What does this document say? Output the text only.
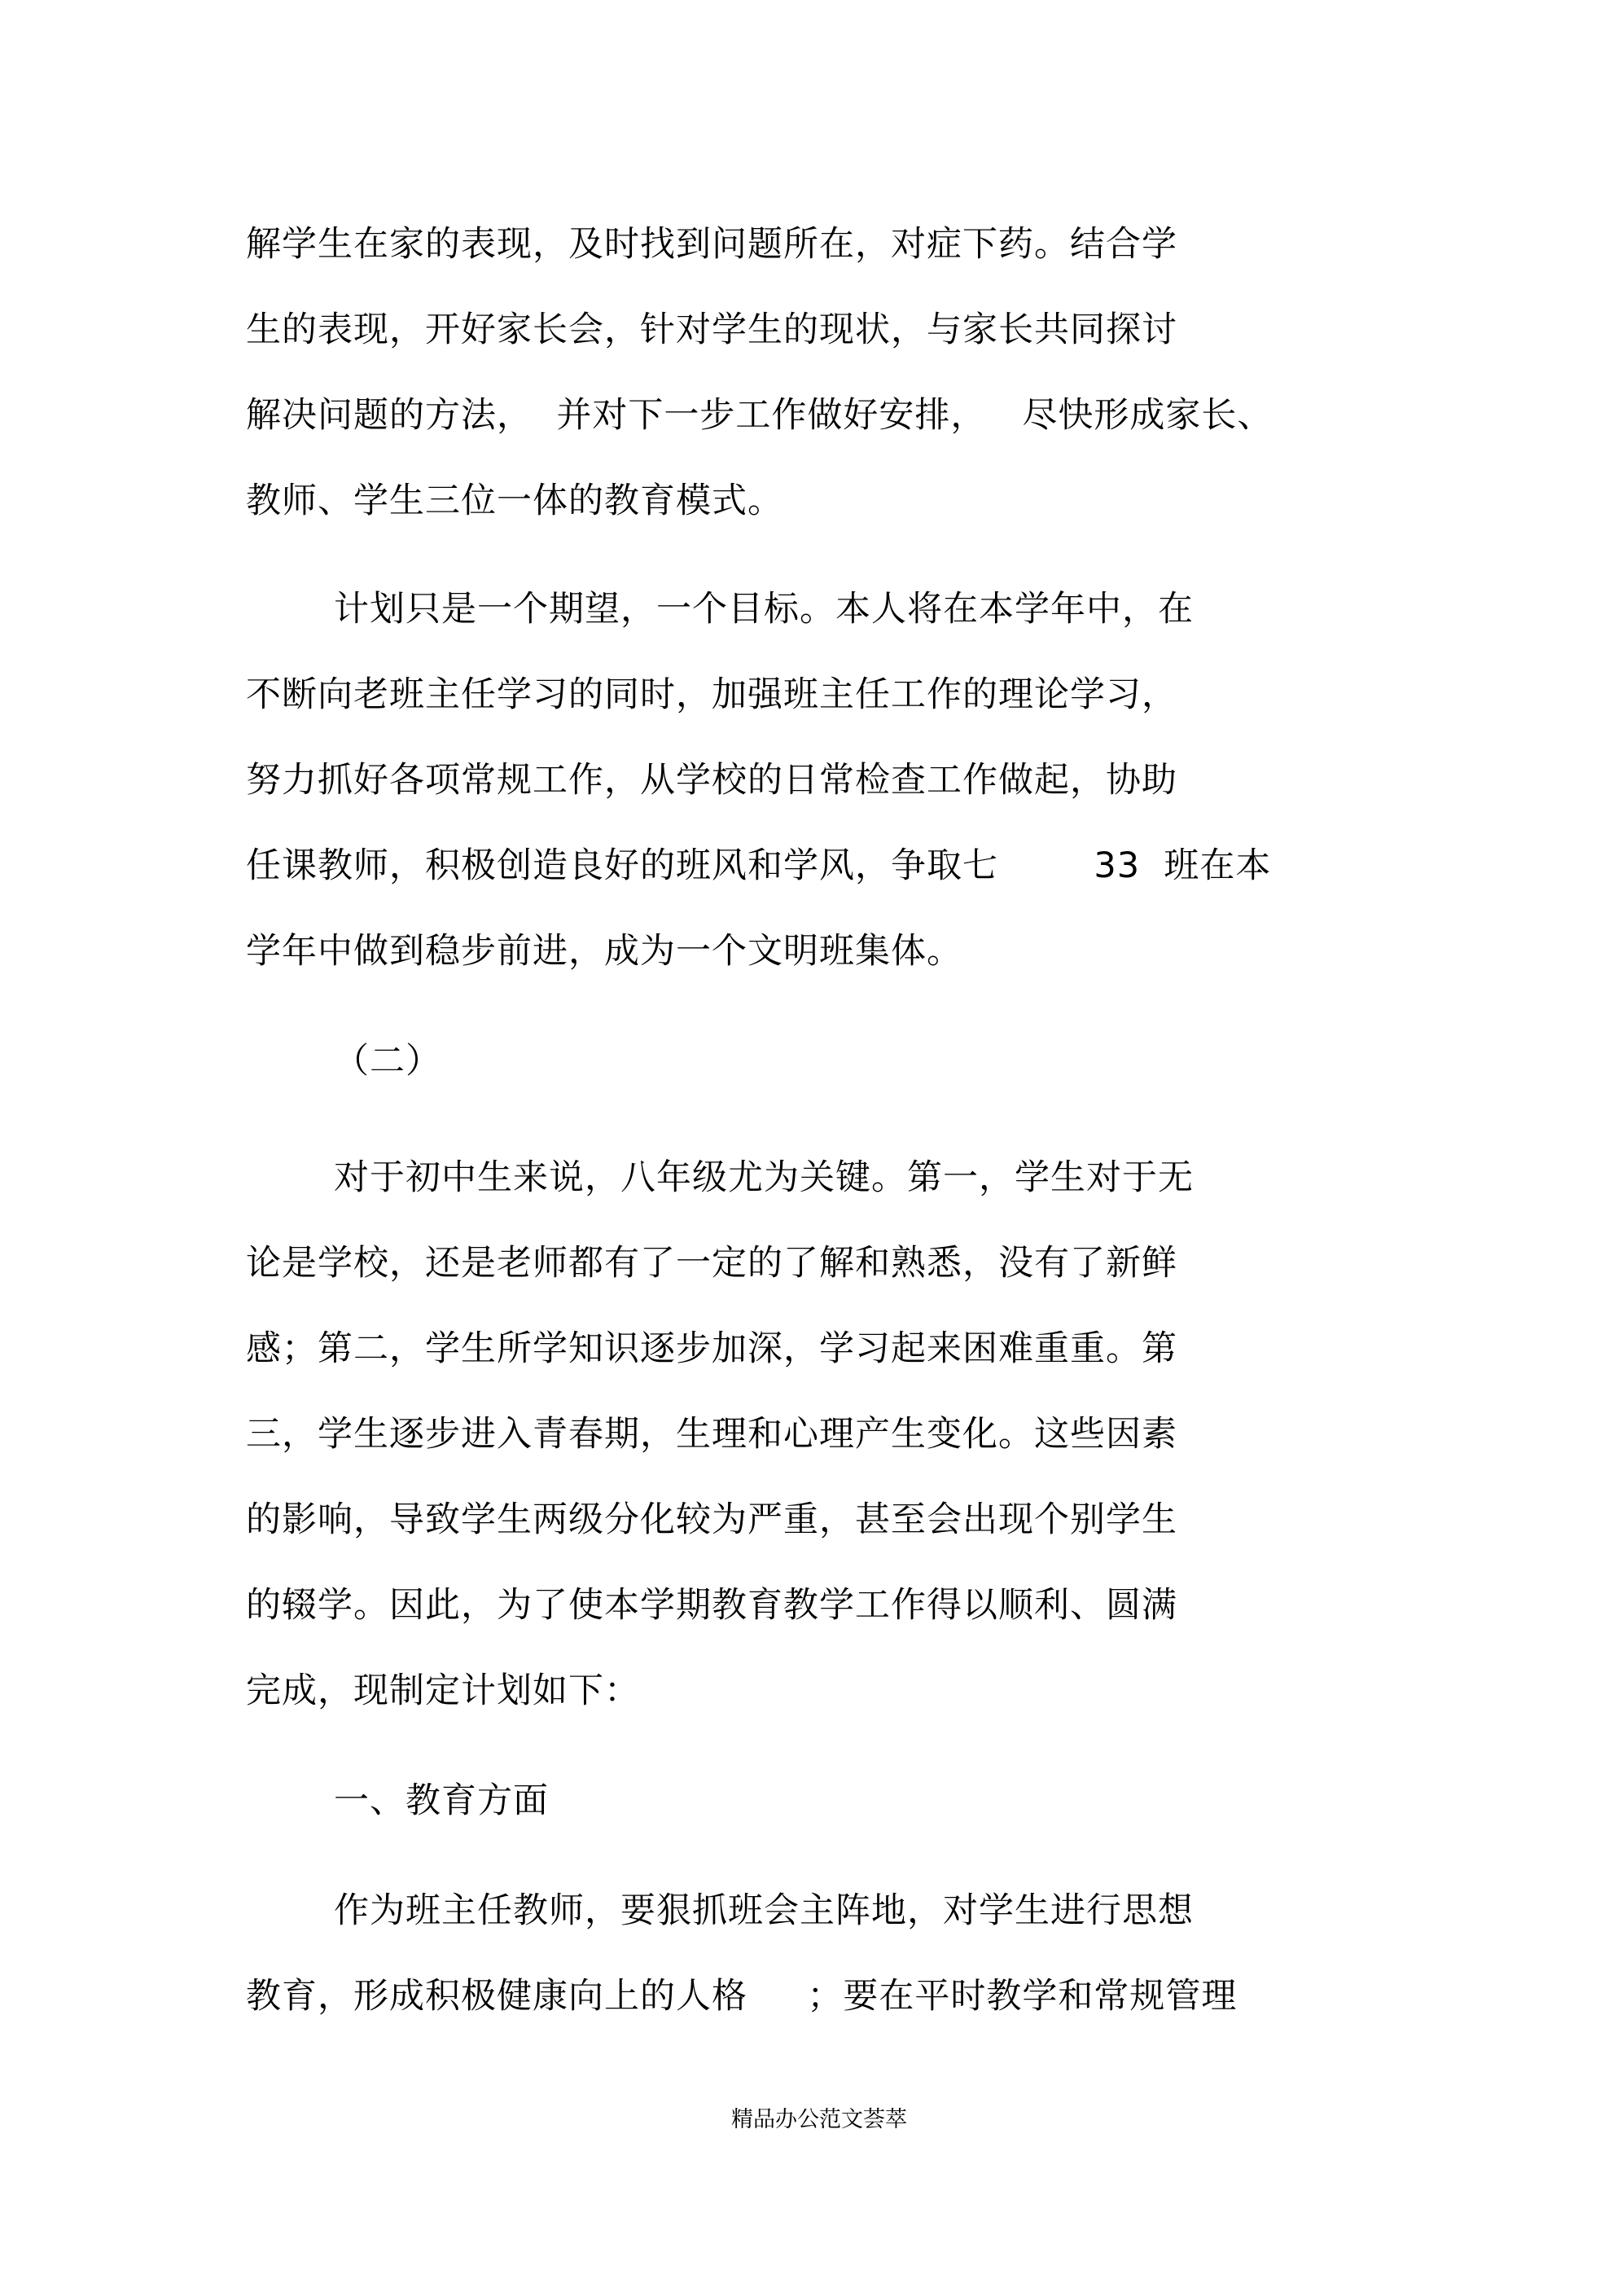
解学生在家的表现，及时找到问题所在，对症下药。结合学
生的表现，开好家长会，针对学生的现状，与家长共同探讨
解决问题的方法，  并对下一步工作做好安排，   尽快形成家长、
教师、学生三位一体的教育模式。
计划只是一个期望，一个目标。本人将在本学年中，在
不断向老班主任学习的同时，加强班主任工作的理论学习，
努力抓好各项常规工作，从学校的日常检查工作做起，协助
任课教师，积极创造良好的班风和学风，争取七        33  班在本
学年中做到稳步前进，成为一个文明班集体。
（二）
对于初中生来说，八年级尤为关键。第一，学生对于无
论是学校，还是老师都有了一定的了解和熟悉，没有了新鲜
感；第二，学生所学知识逐步加深，学习起来困难重重。第
三，学生逐步进入青春期，生理和心理产生变化。这些因素
的影响，导致学生两级分化较为严重，甚至会出现个别学生
的辍学。因此，为了使本学期教育教学工作得以顺利、圆满
完成，现制定计划如下：
一、教育方面
作为班主任教师，要狠抓班会主阵地，对学生进行思想
教育，形成积极健康向上的人格     ；要在平时教学和常规管理
精品办公范文荟萃
